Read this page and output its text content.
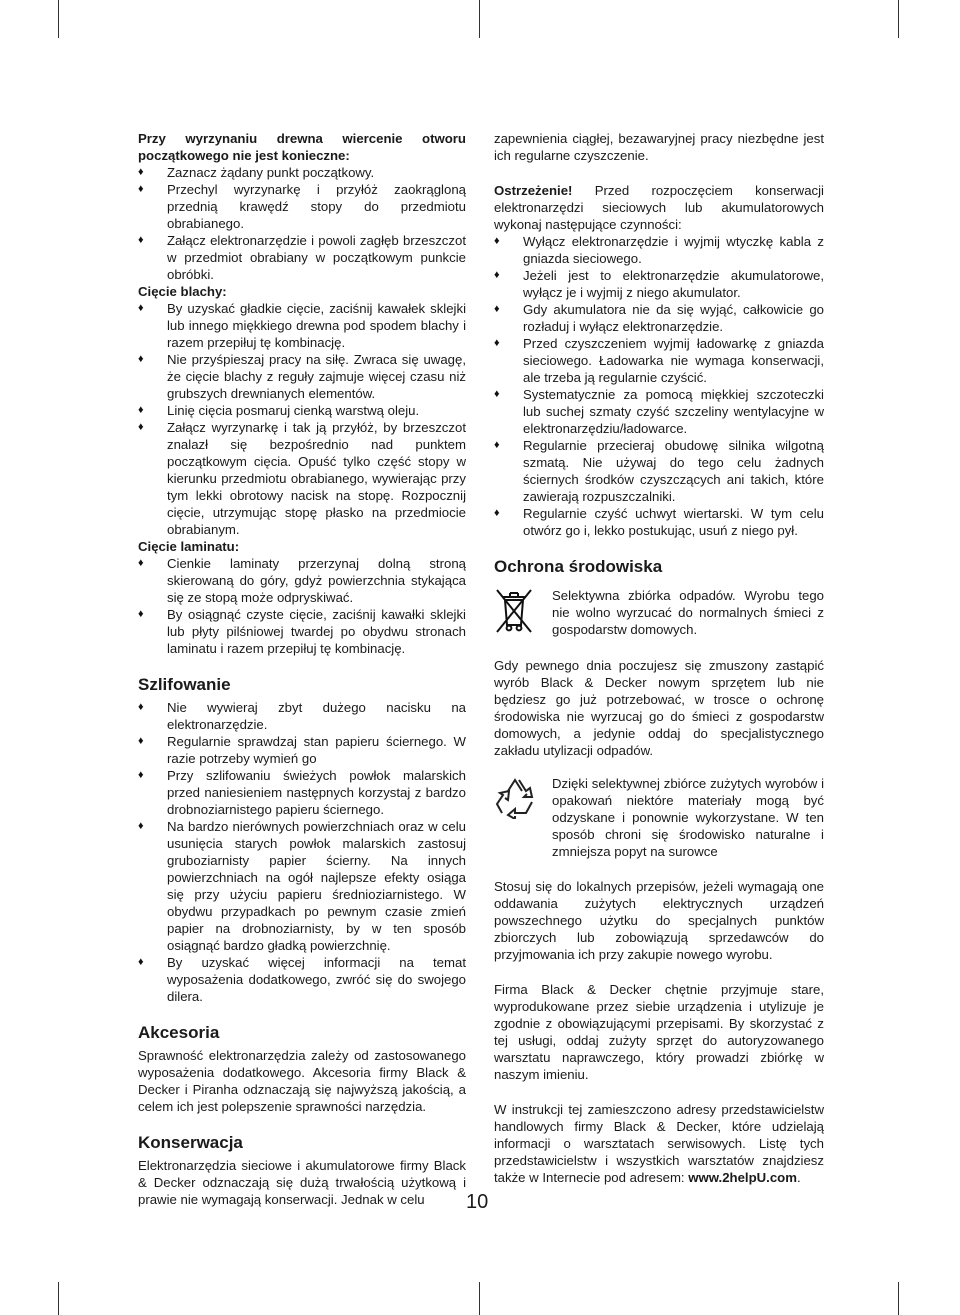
Przy wyrzynaniu drewna wiercenie otworu początkowego nie jest konieczne:

♦ Zaznacz żądany punkt początkowy.
♦ Przechyl wyrzynarkę i przyłóż zaokrągloną przednią krawędź stopy do przedmiotu obrabianego.
♦ Załącz elektronarzędzie i powoli zagłęb brzeszczot w przedmiot obrabiany w początkowym punkcie obróbki.

Cięcie blachy:

♦ By uzyskać gładkie cięcie, zaciśnij kawałek sklejki lub innego miękkiego drewna pod spodem blachy i razem przepiłuj tę kombinację.
♦ Nie przyśpieszaj pracy na siłę. Zwraca się uwagę, że cięcie blachy z reguły zajmuje więcej czasu niż grubszych drewnianych elementów.
♦ Linię cięcia posmaruj cienką warstwą oleju.
♦ Załącz wyrzynarkę i tak ją przyłóż, by brzeszczot znalazł się bezpośrednio nad punktem początkowym cięcia. Opuść tylko część stopy w kierunku przedmiotu obrabianego, wywierając przy tym lekki obrotowy nacisk na stopę. Rozpocznij cięcie, utrzymując stopę płasko na przedmiocie obrabianym.

Cięcie laminatu:

♦ Cienkie laminaty przerzynaj dolną stroną skierowaną do góry, gdyż powierzchnia stykająca się ze stopą może odpryskiwać.
♦ By osiągnąć czyste cięcie, zaciśnij kawałki sklejki lub płyty pilśniowej twardej po obydwu stronach laminatu i razem przepiłuj tę kombinację.
Szlifowanie
♦ Nie wywieraj zbyt dużego nacisku na elektronarzędzie.
♦ Regularnie sprawdzaj stan papieru ściernego. W razie potrzeby wymień go
♦ Przy szlifowaniu świeżych powłok malarskich przed naniesieniem następnych korzystaj z bardzo drobnoziarnistego papieru ściernego.
♦ Na bardzo nierównych powierzchniach oraz w celu usunięcia starych powłok malarskich zastosuj gruboziarnisty papier ścierny. Na innych powierzchniach na ogół najlepsze efekty osiąga się przy użyciu papieru średnioziarnistego. W obydwu przypadkach po pewnym czasie zmień papier na drobnoziarnisty, by w ten sposób osiągnąć bardzo gładką powierzchnię.
♦ By uzyskać więcej informacji na temat wyposażenia dodatkowego, zwróć się do swojego dilera.
Akcesoria

Sprawność elektronarzędzia zależy od zastosowanego wyposażenia dodatkowego. Akcesoria firmy Black & Decker i Piranha odznaczają się najwyższą jakością, a celem ich jest polepszenie sprawności narzędzia.

Konserwacja

Elektronarzędzia sieciowe i akumulatorowe firmy Black & Decker odznaczają się dużą trwałością użytkową i prawie nie wymagają konserwacji. Jednak w celu

zapewnienia ciągłej, bezawaryjnej pracy niezbędne jest ich regularne czyszczenie.

Ostrzeżenie! Przed rozpoczęciem konserwacji elektronarzędzi sieciowych lub akumulatorowych wykonaj następujące czynności:

♦ Wyłącz elektronarzędzie i wyjmij wtyczkę kabla z gniazda sieciowego.
♦ Jeżeli jest to elektronarzędzie akumulatorowe, wyłącz je i wyjmij z niego akumulator.
♦ Gdy akumulatora nie da się wyjąć, całkowicie go rozładuj i wyłącz elektronarzędzie.
♦ Przed czyszczeniem wyjmij ładowarkę z gniazda sieciowego. Ładowarka nie wymaga konserwacji, ale trzeba ją regularnie czyścić.
♦ Systematycznie za pomocą miękkiej szczoteczki lub suchej szmaty czyść szczeliny wentylacyjne w elektronarzędziu/ładowarce.
♦ Regularnie przecieraj obudowę silnika wilgotną szmatą. Nie używaj do tego celu żadnych ściernych środków czyszczących ani takich, które zawierają rozpuszczalniki.
♦ Regularnie czyść uchwyt wiertarski. W tym celu otwórz go i, lekko postukując, usuń z niego pył.
Ochrona środowiska
Selektywna zbiórka odpadów. Wyrobu tego nie wolno wyrzucać do normalnych śmieci z gospodarstw domowych.

Gdy pewnego dnia poczujesz się zmuszony zastąpić wyrób Black & Decker nowym sprzętem lub nie będziesz go już potrzebować, w trosce o ochronę środowiska nie wyrzucaj go do śmieci z gospodarstw domowych, a jedynie oddaj do specjalistycznego zakładu utylizacji odpadów.

Dzięki selektywnej zbiórce zużytych wyrobów i opakowań niektóre materiały mogą być odzyskane i ponownie wykorzystane. W ten sposób chroni się środowisko naturalne i zmniejsza popyt na surowce

Stosuj się do lokalnych przepisów, jeżeli wymagają one oddawania zużytych elektrycznych urządzeń powszechnego użytku do specjalnych punktów zbiorczych lub zobowiązują sprzedawców do przyjmowania ich przy zakupie nowego wyrobu.

Firma Black & Decker chętnie przyjmuje stare, wyprodukowane przez siebie urządzenia i utylizuje je zgodnie z obowiązującymi przepisami. By skorzystać z tej usługi, oddaj zużyty sprzęt do autoryzowanego warsztatu naprawczego, który prowadzi zbiórkę w naszym imieniu.

W instrukcji tej zamieszczono adresy przedstawicielstw handlowych firmy Black & Decker, które udzielają informacji o warsztatach serwisowych. Listę tych przedstawicielstw i wszystkich warsztatów znajdziesz także w Internecie pod adresem: www.2helpU.com.

10
